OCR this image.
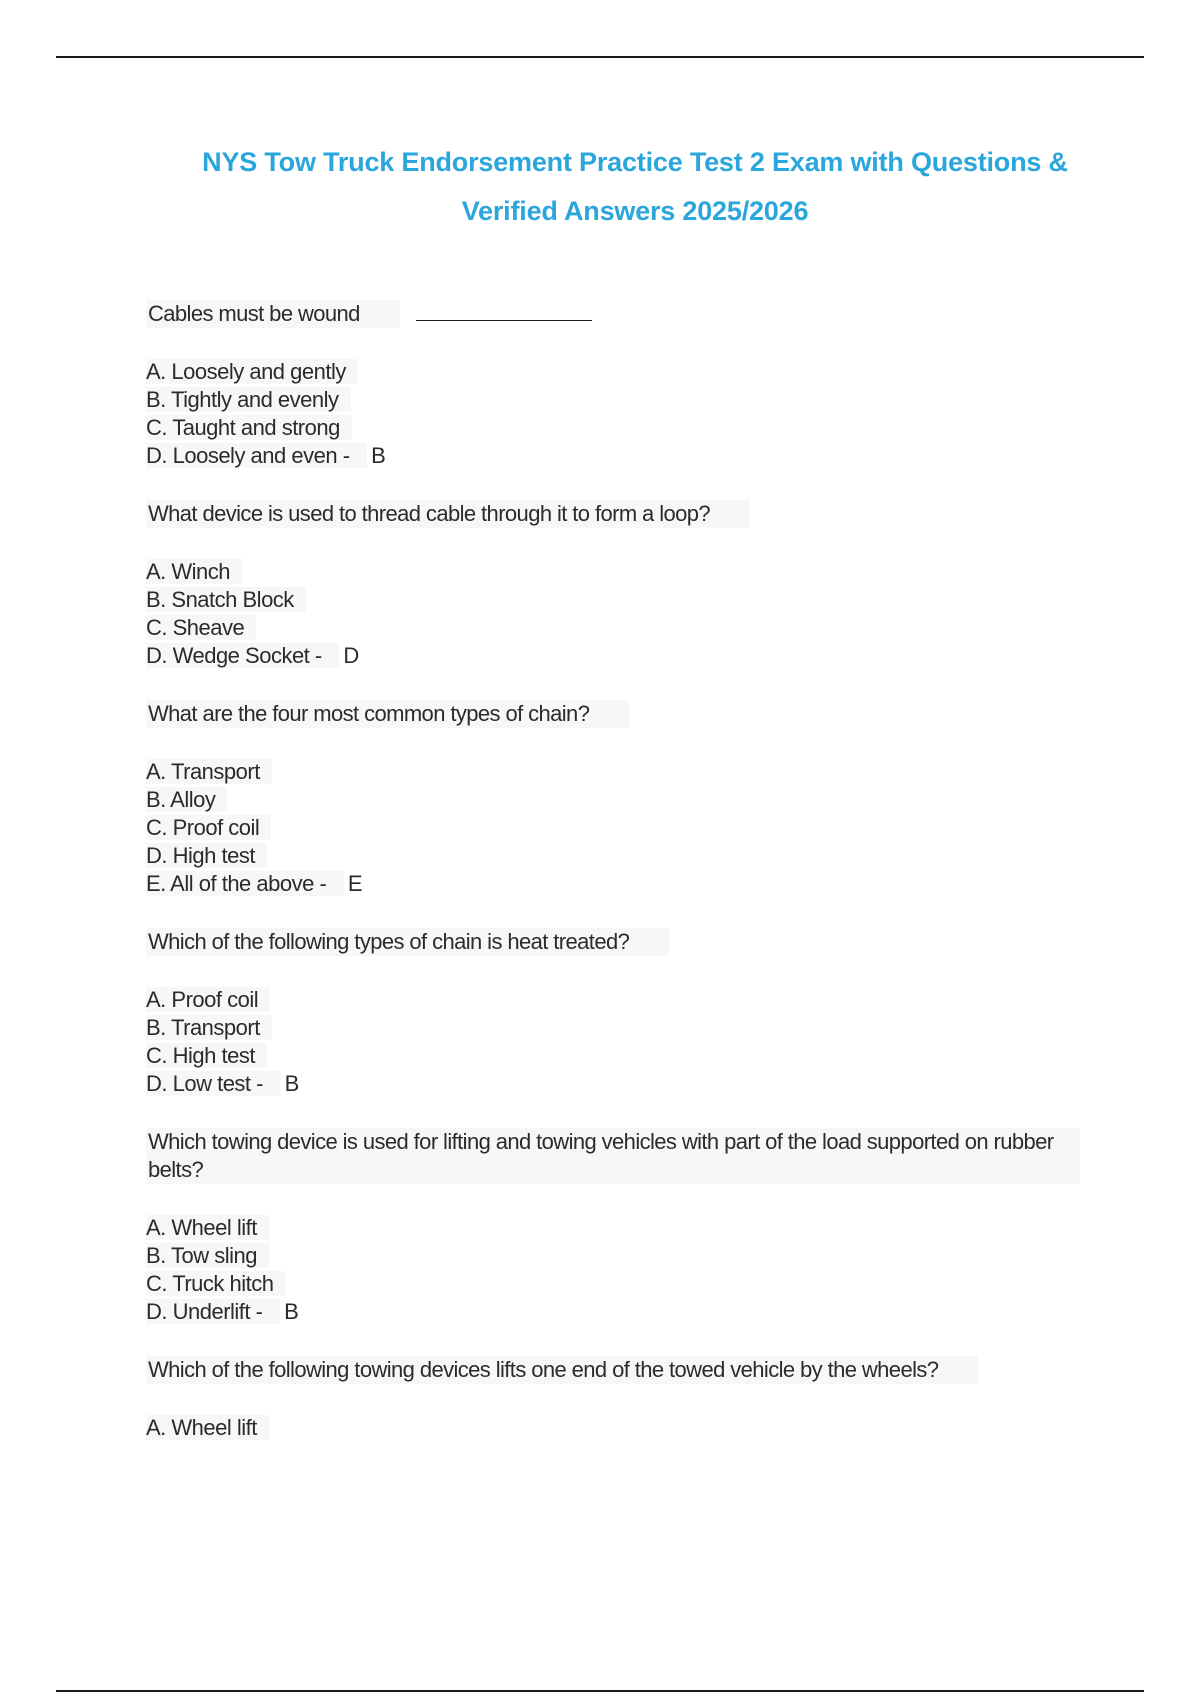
NYS Tow Truck Endorsement Practice Test 2 Exam with Questions &
Verified Answers 2025/2026
Cables must be wound
A. Loosely and gently
B. Tightly and evenly
C. Taught and strong
D. Loosely and even - B
What device is used to thread cable through it to form a loop?
A. Winch
B. Snatch Block
C. Sheave
D. Wedge Socket - D
What are the four most common types of chain?
A. Transport
B. Alloy
C. Proof coil
D. High test
E. All of the above - E
Which of the following types of chain is heat treated?
A. Proof coil
B. Transport
C. High test
D. Low test - B
Which towing device is used for lifting and towing vehicles with part of the load supported on rubber belts?
A. Wheel lift
B. Tow sling
C. Truck hitch
D. Underlift - B
Which of the following towing devices lifts one end of the towed vehicle by the wheels?
A. Wheel lift
